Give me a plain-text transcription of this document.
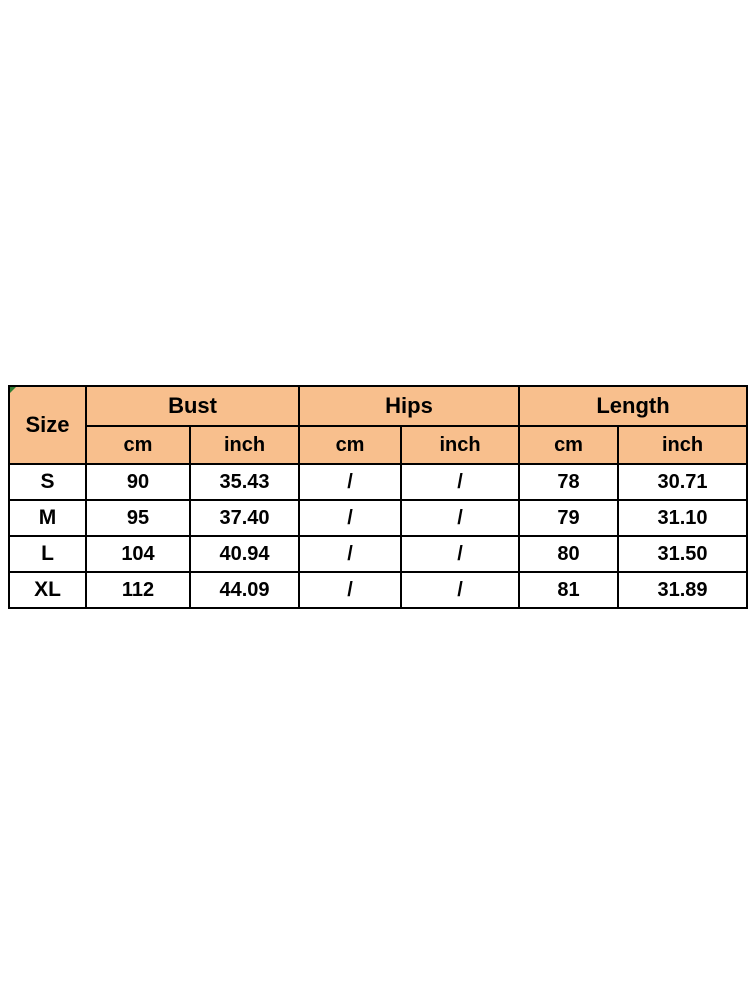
Size	Bust		Hips		Length	
	cm	inch	cm	inch	cm	inch
S	90	35.43	/	/	78	30.71
M	95	37.40	/	/	79	31.10
L	104	40.94	/	/	80	31.50
XL	112	44.09	/	/	81	31.89
